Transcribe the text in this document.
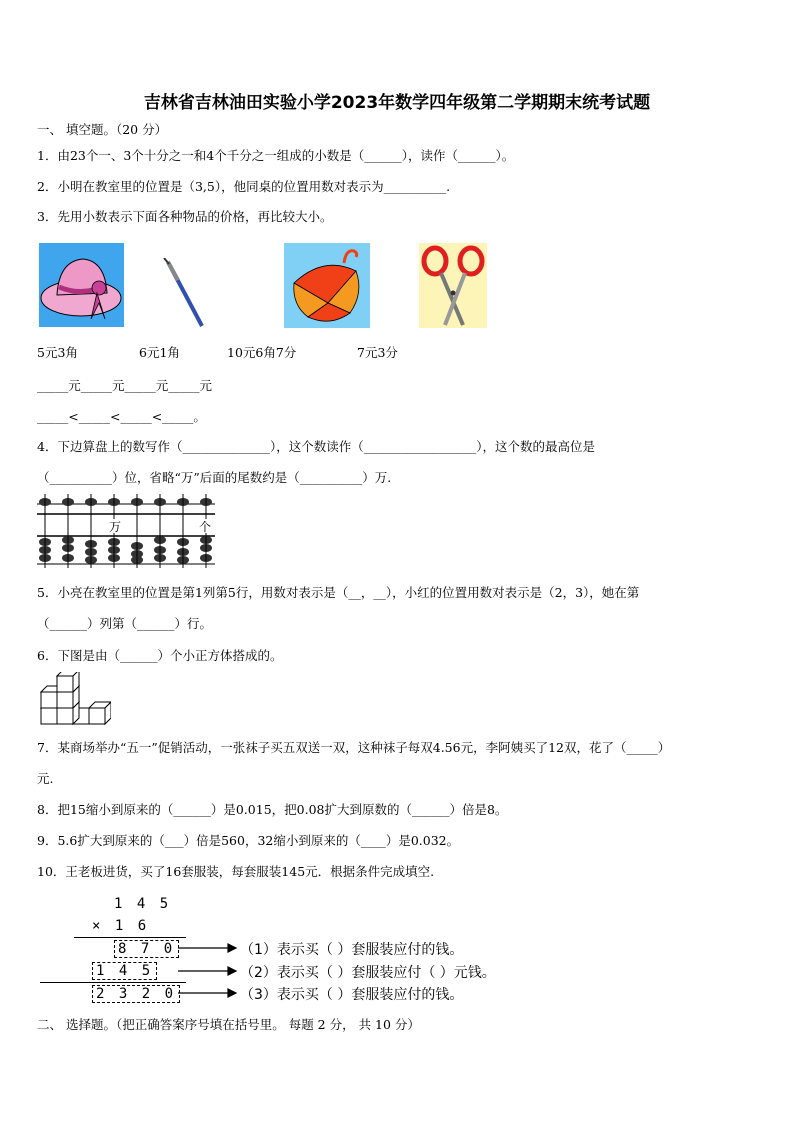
吉林省吉林油田实验小学2023年数学四年级第二学期期末统考试题
一、 填空题。（20 分）
1．由23个一、3个十分之一和4个千分之一组成的小数是（______），读作（______）。
2．小明在教室里的位置是（3,5），他同桌的位置用数对表示为__________.
3．先用小数表示下面各种物品的价格，再比较大小。
5元3角	6元1角	10元6角7分	7元3分
_____元_____元_____元_____元
_____<_____<_____<_____。
4．下边算盘上的数写作（______________），这个数读作（__________________），这个数的最高位是
（__________）位，省略“万”后面的尾数约是（__________）万.
万	个
5．小亮在教室里的位置是第1列第5行，用数对表示是（__，__），小红的位置用数对表示是（2，3），她在第
（______）列第（______）行。
6．下图是由（______）个小正方体搭成的。
7．某商场举办“五一”促销活动，一张袜子买五双送一双，这种袜子每双4.56元，李阿姨买了12双，花了（_____）
元.
8．把15缩小到原来的（______）是0.015，把0.08扩大到原数的（______）倍是8。
9．5.6扩大到原来的（___）倍是560，32缩小到原来的（____）是0.032。
10．王老板进货，买了16套服装，每套服装145元．根据条件完成填空.
1 4 5
× 1 6
8 7 0
1 4 5
2 3 2 0
（1）表示买（ ）套服装应付的钱。
（2）表示买（ ）套服装应付（ ）元钱。
（3）表示买（ ）套服装应付的钱。
二、 选择题。（把正确答案序号填在括号里。 每题 2 分， 共 10 分）
